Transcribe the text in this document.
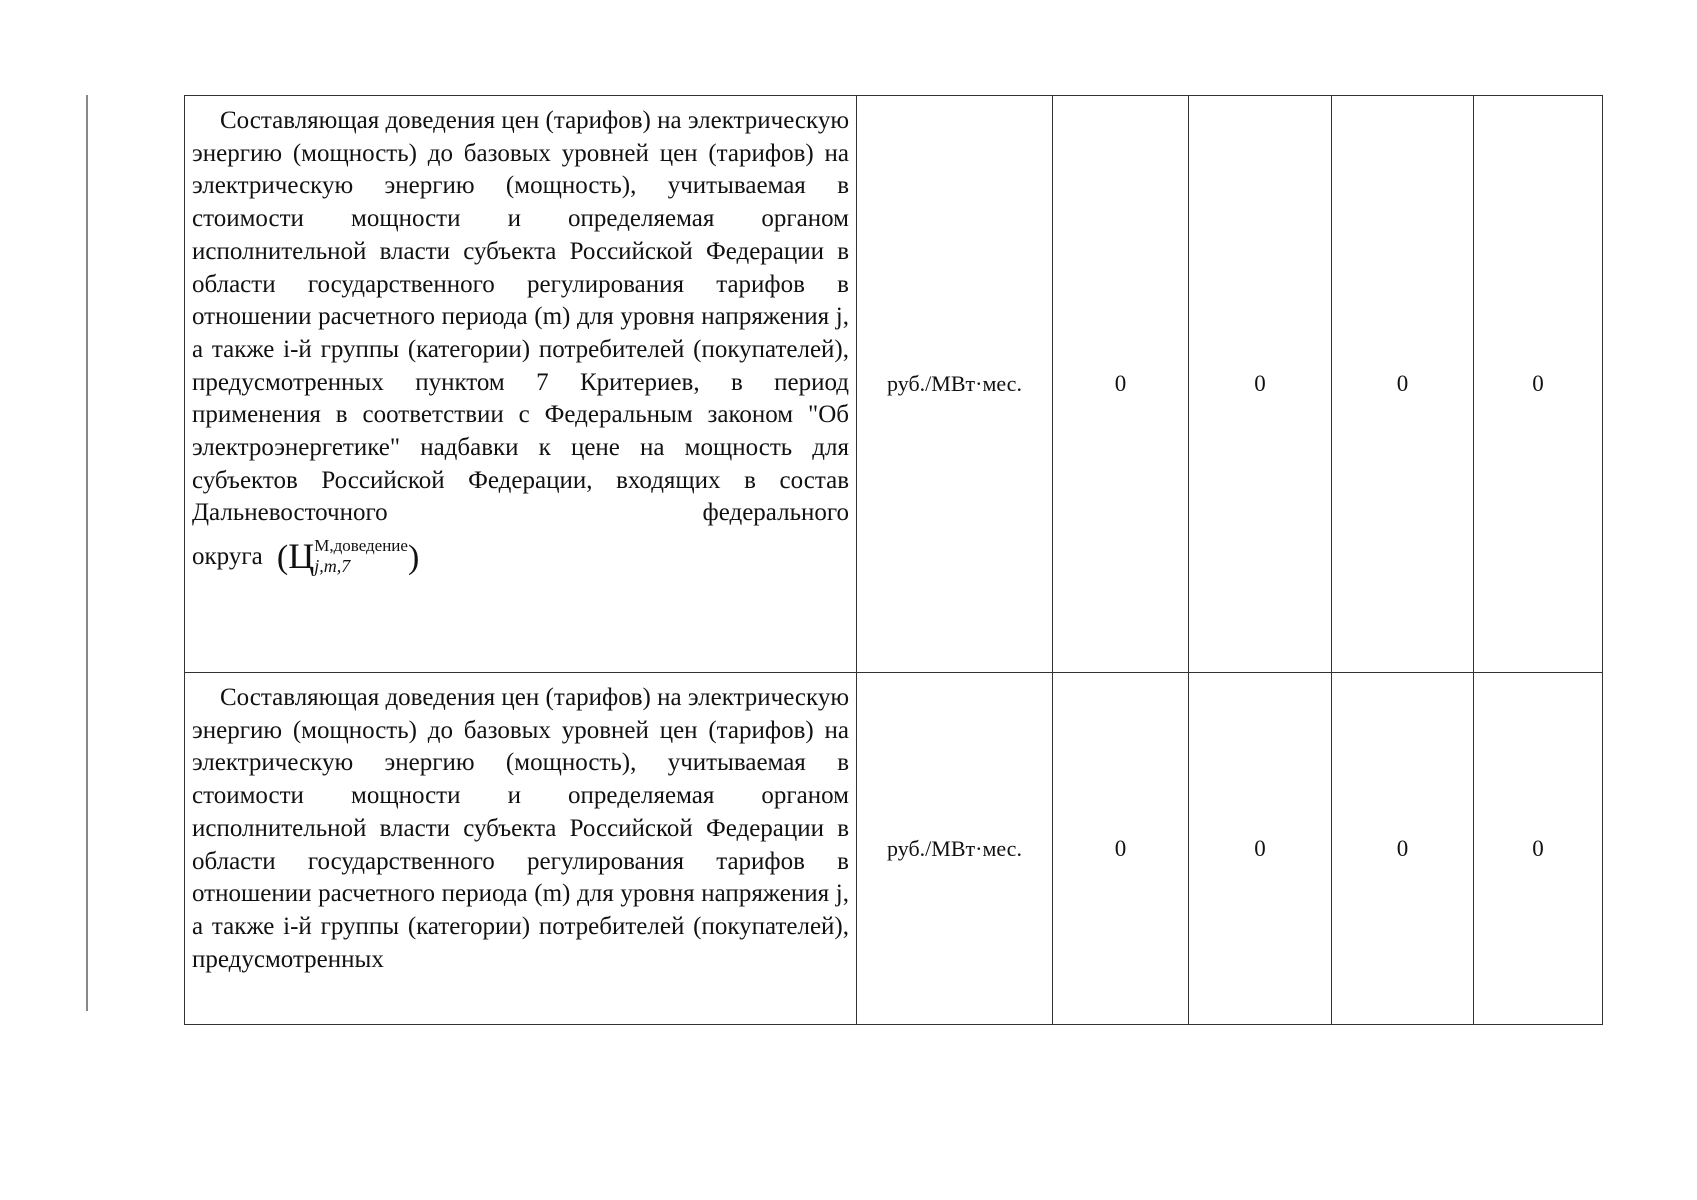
Составляющая доведения цен (тарифов) на электрическую энергию (мощность) до базовых уровней цен (тарифов) на электрическую энергию (мощность), учитываемая в стоимости мощности и определяемая органом исполнительной власти субъекта Российской Федерации в области государственного регулирования тарифов в отношении расчетного периода (m) для уровня напряжения j, а также i-й группы (категории) потребителей (покупателей), предусмотренных пунктом 7 Критериев, в период применения в соответствии с Федеральным законом "Об электроэнергетике" надбавки к цене на мощность для субъектов Российской Федерации, входящих в состав Дальневосточного федерального
округа (Ц М,доведение
j,m,7 )	руб./МВт·мес.	0	0	0	0

Составляющая доведения цен (тарифов) на электрическую энергию (мощность) до базовых уровней цен (тарифов) на электрическую энергию (мощность), учитываемая в стоимости мощности и определяемая органом исполнительной власти субъекта Российской Федерации в области государственного регулирования тарифов в отношении расчетного периода (m) для уровня напряжения j, а также i-й группы (категории) потребителей (покупателей), предусмотренных	руб./МВт·мес.	0	0	0	0
